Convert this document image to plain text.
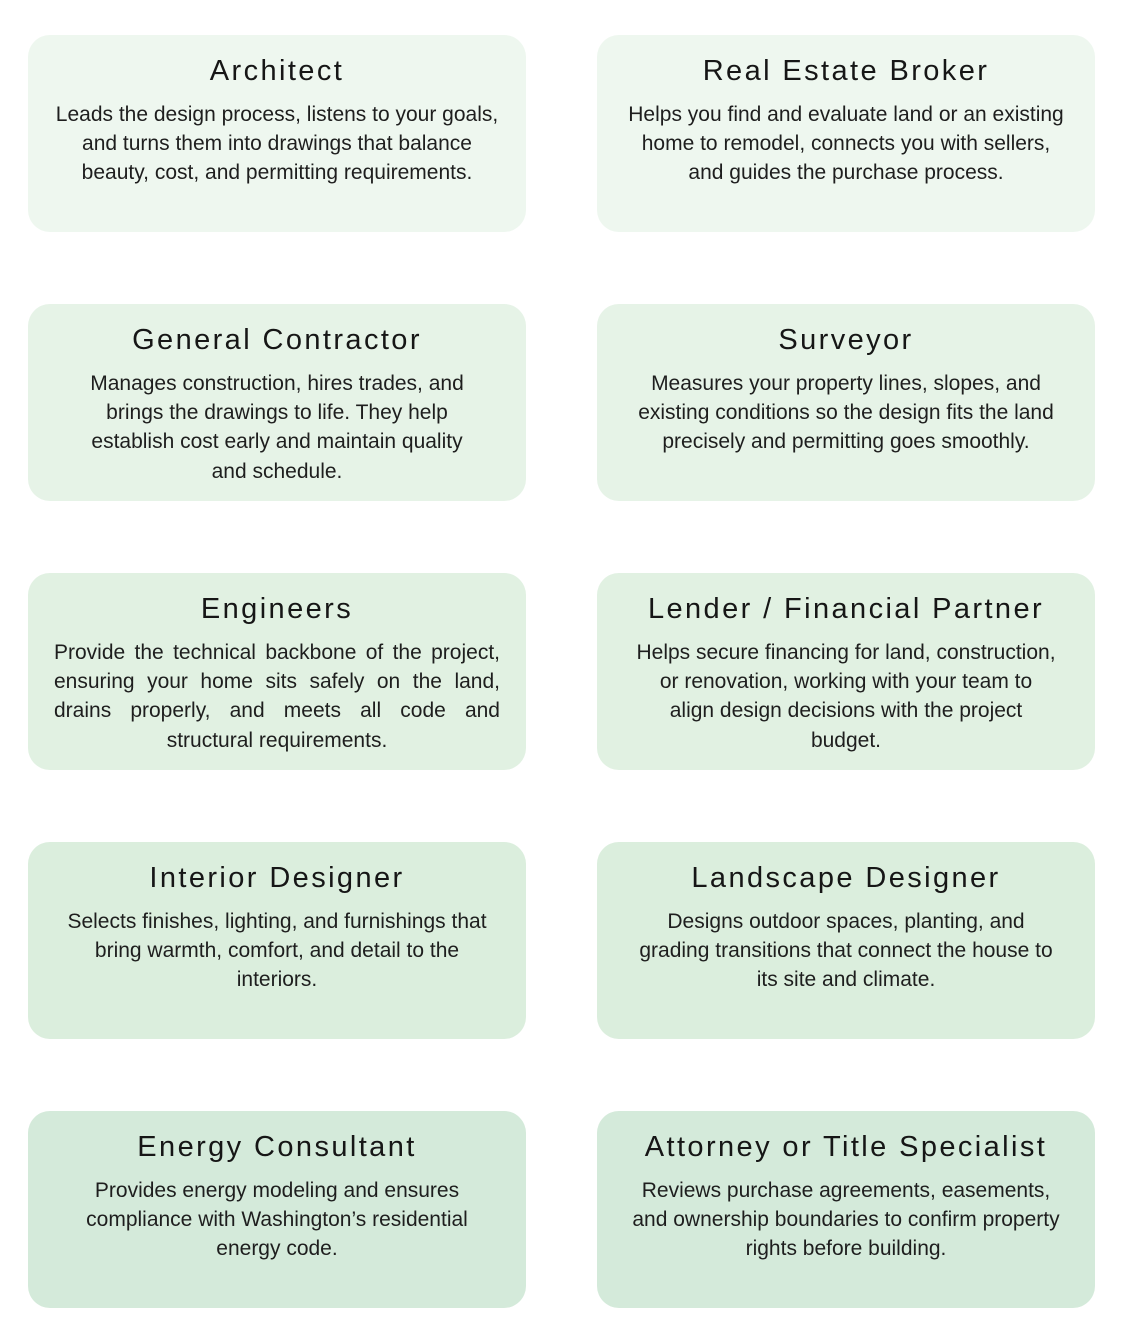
Architect

Leads the design process, listens to your goals, and turns them into drawings that balance beauty, cost, and permitting requirements.

Real Estate Broker

Helps you find and evaluate land or an existing home to remodel, connects you with sellers, and guides the purchase process.

General Contractor

Manages construction, hires trades, and brings the drawings to life. They help establish cost early and maintain quality and schedule.

Surveyor

Measures your property lines, slopes, and existing conditions so the design fits the land precisely and permitting goes smoothly.

Engineers

Provide the technical backbone of the project, ensuring your home sits safely on the land, drains properly, and meets all code and structural requirements.

Lender / Financial Partner

Helps secure financing for land, construction, or renovation, working with your team to align design decisions with the project budget.

Interior Designer

Selects finishes, lighting, and furnishings that bring warmth, comfort, and detail to the interiors.

Landscape Designer

Designs outdoor spaces, planting, and grading transitions that connect the house to its site and climate.

Energy Consultant

Provides energy modeling and ensures compliance with Washington’s residential energy code.

Attorney or Title Specialist

Reviews purchase agreements, easements, and ownership boundaries to confirm property rights before building.
